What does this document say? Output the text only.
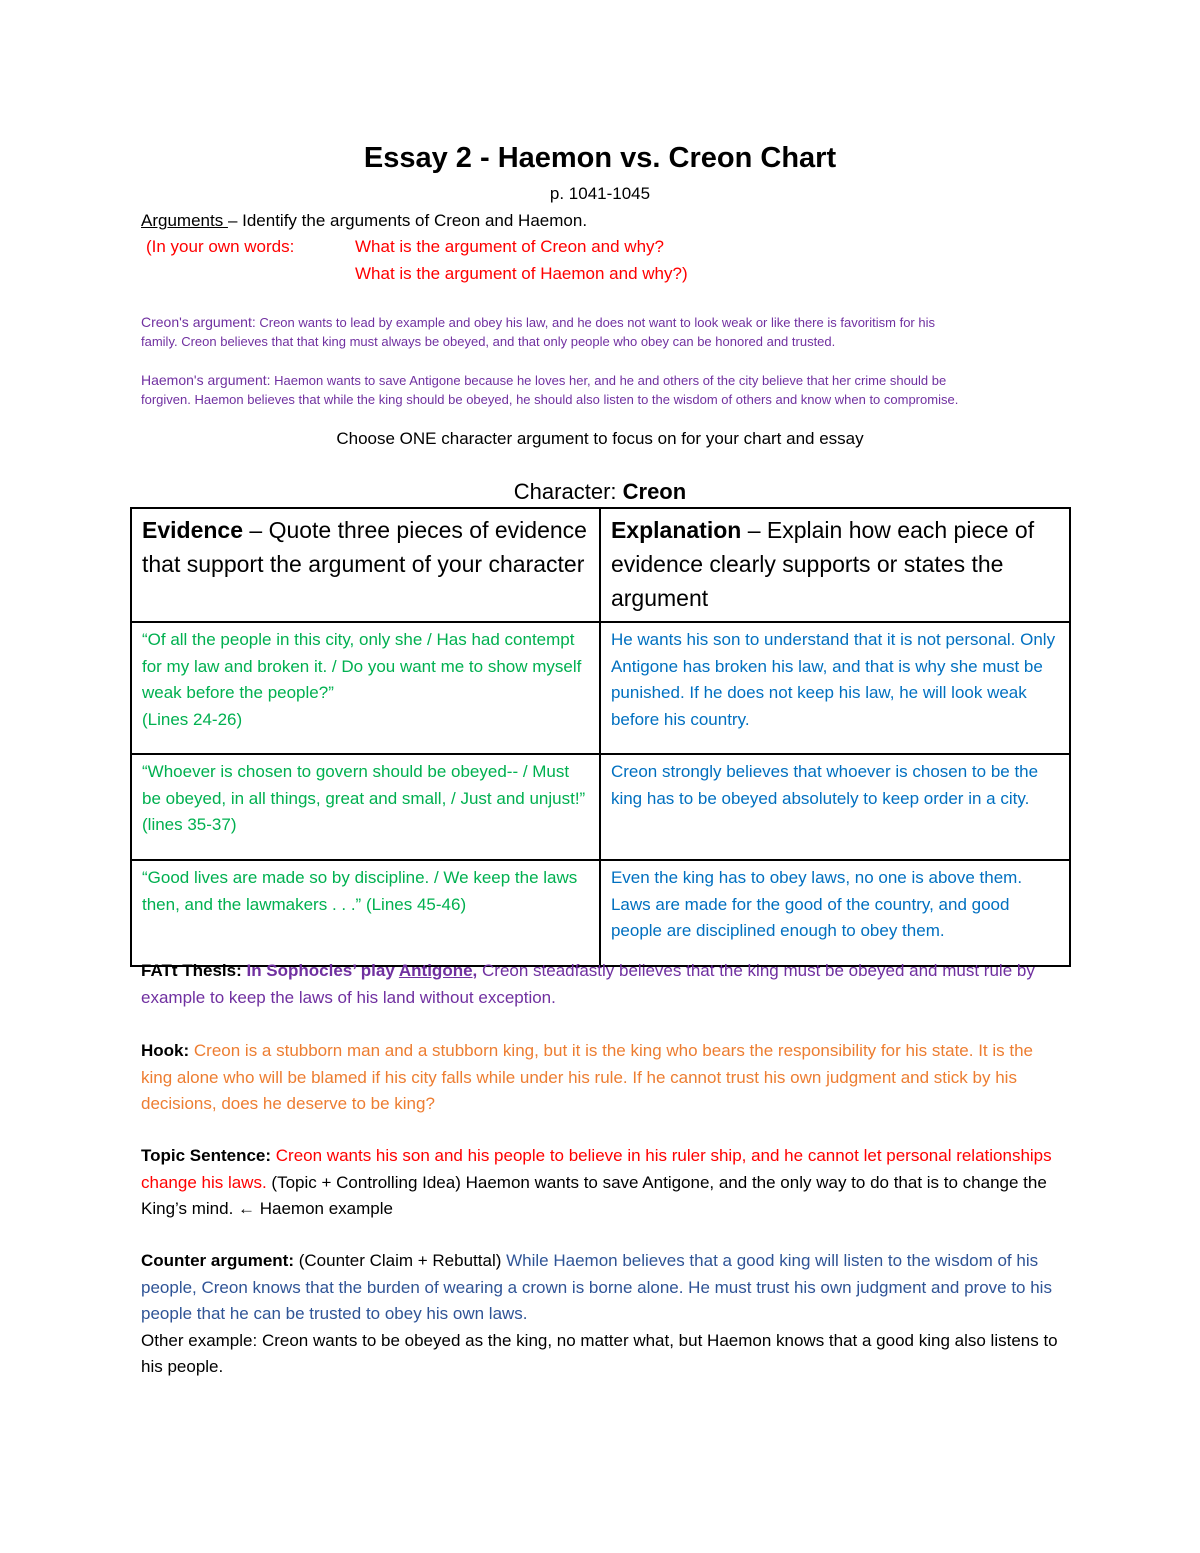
Essay 2 - Haemon vs. Creon Chart
p. 1041-1045
Arguments – Identify the arguments of Creon and Haemon.
(In your own words:	What is the argument of Creon and why?
What is the argument of Haemon and why?)
Creon's argument: Creon wants to lead by example and obey his law, and he does not want to look weak or like there is favoritism for his
family. Creon believes that that king must always be obeyed, and that only people who obey can be honored and trusted.
Haemon's argument: Haemon wants to save Antigone because he loves her, and he and others of the city believe that her crime should be
forgiven. Haemon believes that while the king should be obeyed, he should also listen to the wisdom of others and know when to compromise.
Choose ONE character argument to focus on for your chart and essay
Character: Creon
Evidence – Quote three pieces of evidence that support the argument of your character	Explanation – Explain how each piece of evidence clearly supports or states the argument
“Of all the people in this city, only she / Has had contempt for my law and broken it. / Do you want me to show myself weak before the people?”
(Lines 24-26)	He wants his son to understand that it is not personal. Only Antigone has broken his law, and that is why she must be punished. If he does not keep his law, he will look weak before his country.
“Whoever is chosen to govern should be obeyed-- / Must be obeyed, in all things, great and small, / Just and unjust!” (lines 35-37)	Creon strongly believes that whoever is chosen to be the king has to be obeyed absolutely to keep order in a city.
“Good lives are made so by discipline. / We keep the laws then, and the lawmakers . . .” (Lines 45-46)	Even the king has to obey laws, no one is above them. Laws are made for the good of the country, and good people are disciplined enough to obey them.
FATt Thesis: In Sophocles’ play Antigone, Creon steadfastly believes that the king must be obeyed and must rule by example to keep the laws of his land without exception.
Hook: Creon is a stubborn man and a stubborn king, but it is the king who bears the responsibility for his state. It is the king alone who will be blamed if his city falls while under his rule. If he cannot trust his own judgment and stick by his decisions, does he deserve to be king?
Topic Sentence: Creon wants his son and his people to believe in his ruler ship, and he cannot let personal relationships change his laws. (Topic + Controlling Idea) Haemon wants to save Antigone, and the only way to do that is to change the King’s mind. ← Haemon example
Counter argument: (Counter Claim + Rebuttal) While Haemon believes that a good king will listen to the wisdom of his people, Creon knows that the burden of wearing a crown is borne alone. He must trust his own judgment and prove to his people that he can be trusted to obey his own laws.
Other example: Creon wants to be obeyed as the king, no matter what, but Haemon knows that a good king also listens to his people.
